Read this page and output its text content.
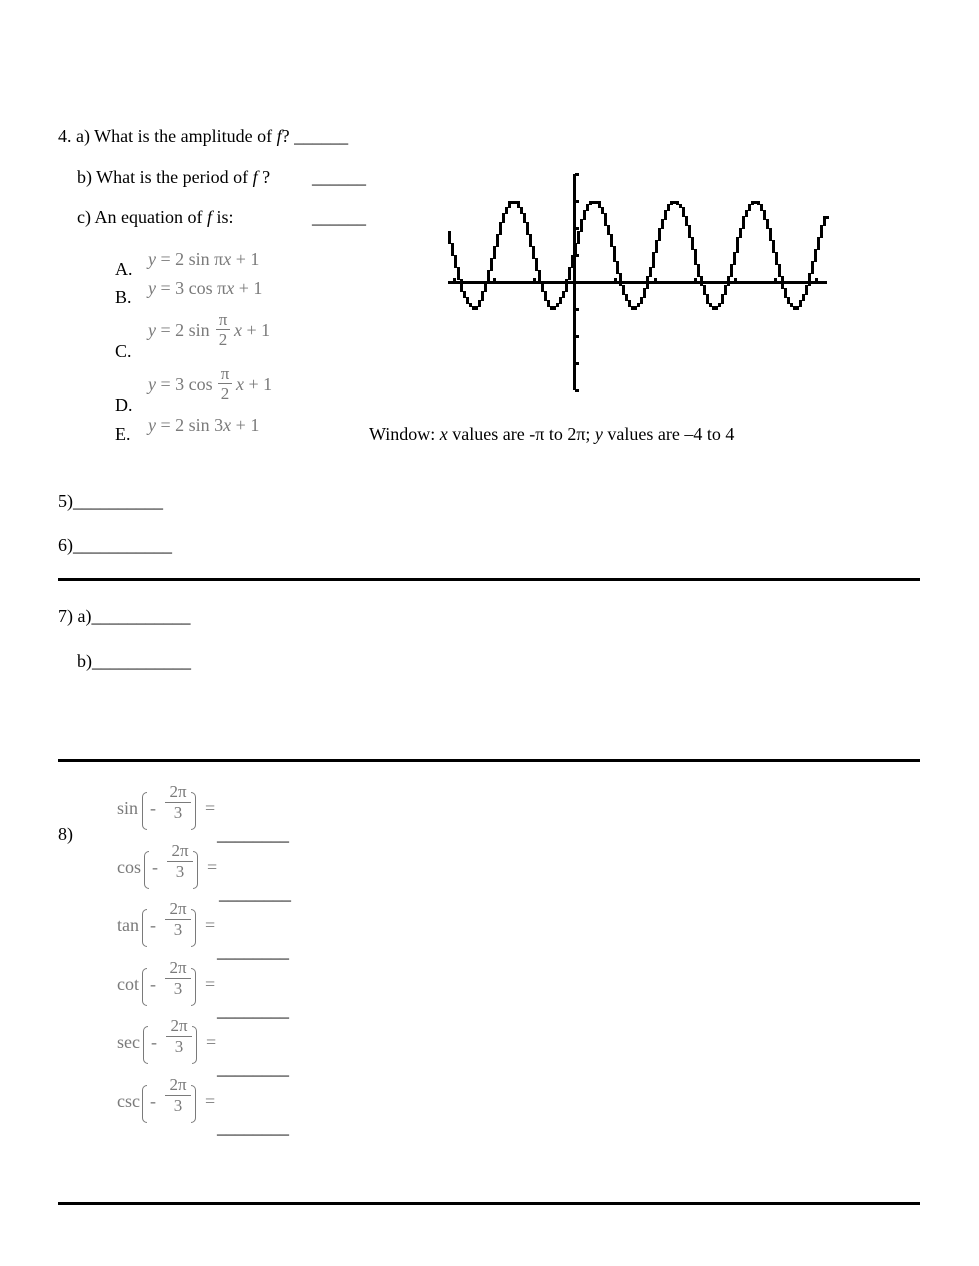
4. a) What is the amplitude of f? ______
b) What is the period of f ? ______
c) An equation of f is:	______
A. y = 2 sin πx + 1
B. y = 3 cos πx + 1
C.
y = 2 sin
π
2 x + 1
D.
y = 3 cos
π
2 x + 1
E. y = 2 sin 3x + 1	Window: x values are -π to 2π; y values are –4 to 4
5)__________
6)___________
7) a)___________
b)___________
8)
sin -
2π
3	=
________
cos -
2π
3	=
________
tan -
2π
3	=
________
cot -
2π
3	=
________
sec -
2π
3	=
________
csc -
2π
3	=
________
